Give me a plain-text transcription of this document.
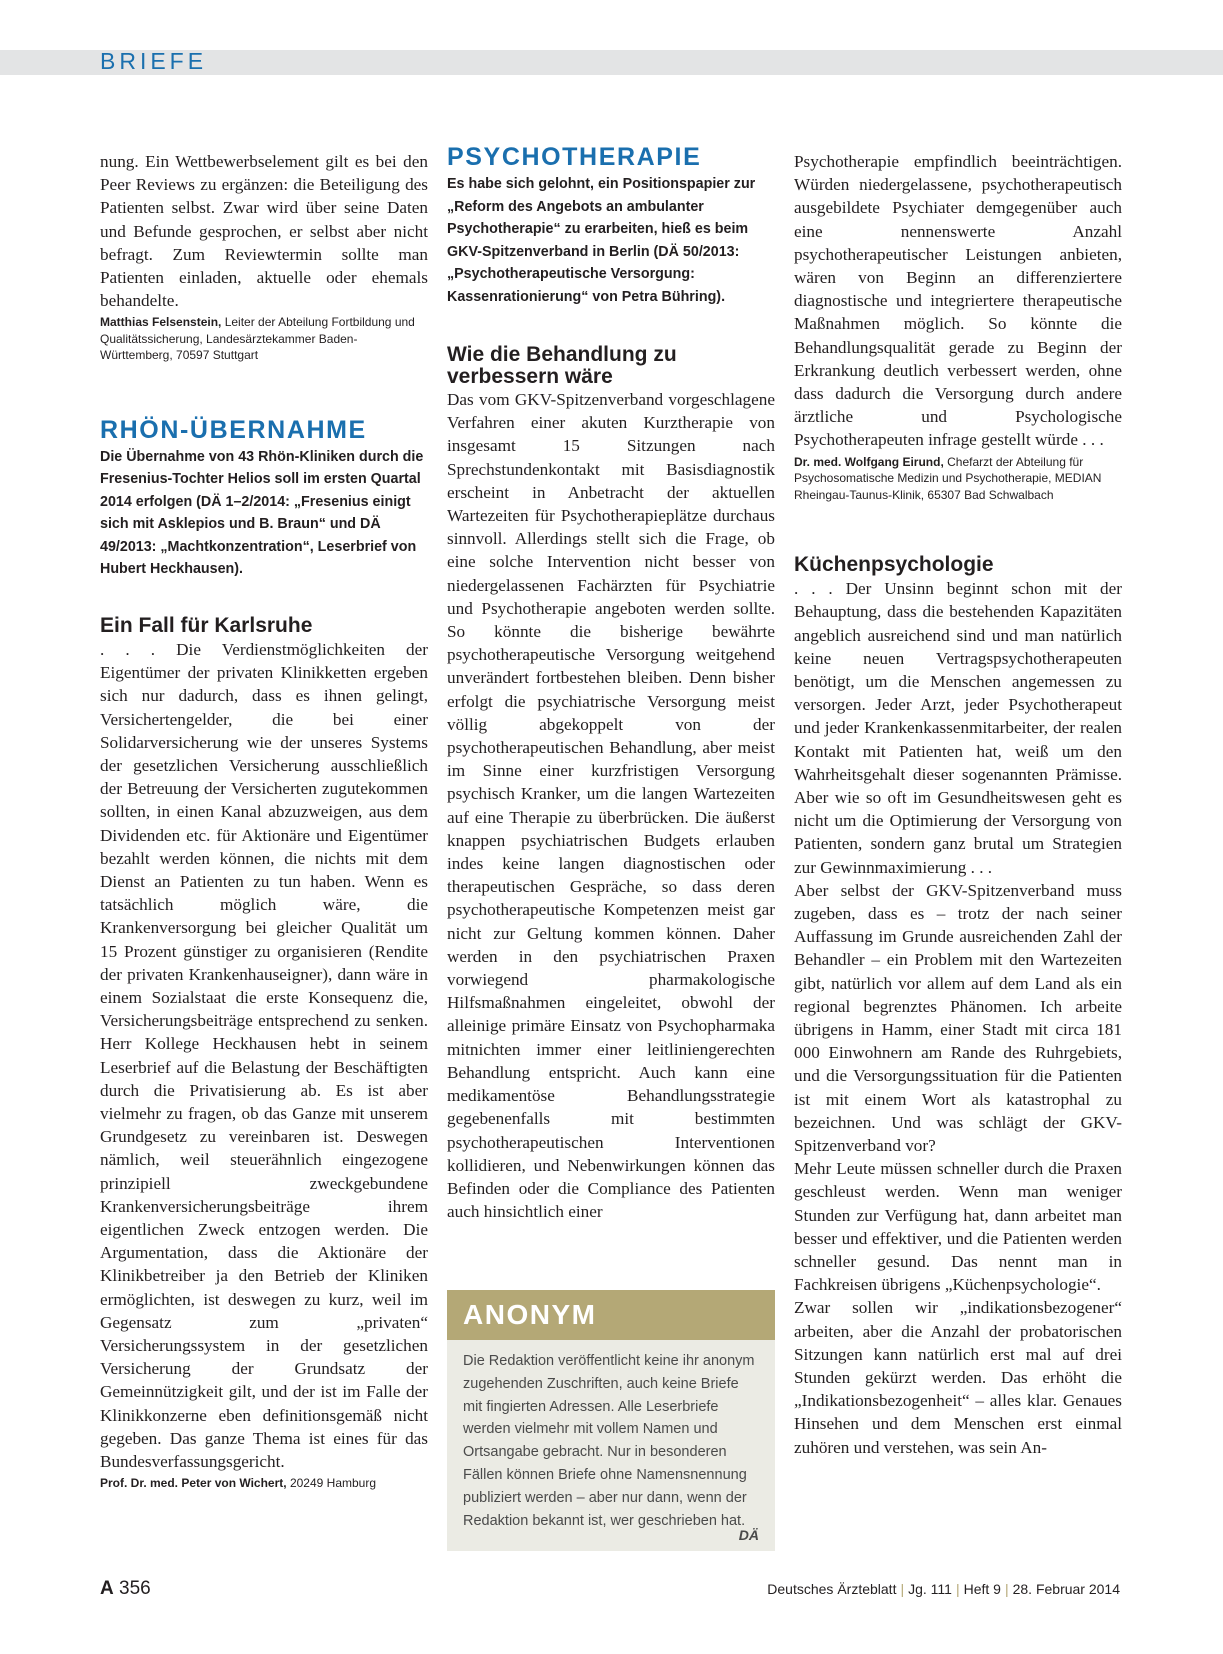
BRIEFE

nung. Ein Wettbewerbselement gilt es bei den Peer Reviews zu ergänzen: die Beteiligung des Patienten selbst. Zwar wird über seine Daten und Befunde gesprochen, er selbst aber nicht befragt. Zum Reviewtermin sollte man Patienten einladen, aktuelle oder ehemals behandelte.

Matthias Felsenstein, Leiter der Abteilung Fortbildung und Qualitätssicherung, Landesärztekammer Baden-Württemberg, 70597 Stuttgart

RHÖN-ÜBERNAHME

Die Übernahme von 43 Rhön-Kliniken durch die Fresenius-Tochter Helios soll im ersten Quartal 2014 erfolgen (DÄ 1–2/2014: „Fresenius einigt sich mit Asklepios und B. Braun“ und DÄ 49/2013: „Machtkonzentration“, Leserbrief von Hubert Heckhausen).

Ein Fall für Karlsruhe

. . . Die Verdienstmöglichkeiten der Eigentümer der privaten Klinikketten ergeben sich nur dadurch, dass es ihnen gelingt, Versichertengelder, die bei einer Solidarversicherung wie der unseres Systems der gesetzlichen Versicherung ausschließlich der Betreuung der Versicherten zugutekommen sollten, in einen Kanal abzuzweigen, aus dem Dividenden etc. für Aktionäre und Eigentümer bezahlt werden können, die nichts mit dem Dienst an Patienten zu tun haben. Wenn es tatsächlich möglich wäre, die Krankenversorgung bei gleicher Qualität um 15 Prozent günstiger zu organisieren (Rendite der privaten Krankenhauseigner), dann wäre in einem Sozialstaat die erste Konsequenz die, Versicherungsbeiträge entsprechend zu senken. Herr Kollege Heckhausen hebt in seinem Leserbrief auf die Belastung der Beschäftigten durch die Privatisierung ab. Es ist aber vielmehr zu fragen, ob das Ganze mit unserem Grundgesetz zu vereinbaren ist. Deswegen nämlich, weil steuerähnlich eingezogene prinzipiell zweckgebundene Krankenversicherungsbeiträge ihrem eigentlichen Zweck entzogen werden. Die Argumentation, dass die Aktionäre der Klinikbetreiber ja den Betrieb der Kliniken ermöglichten, ist deswegen zu kurz, weil im Gegensatz zum „privaten“ Versicherungssystem in der gesetzlichen Versicherung der Grundsatz der Gemeinnützigkeit gilt, und der ist im Falle der Klinikkonzerne eben definitionsgemäß nicht gegeben. Das ganze Thema ist eines für das Bundesverfassungsgericht.

Prof. Dr. med. Peter von Wichert, 20249 Hamburg

PSYCHOTHERAPIE

Es habe sich gelohnt, ein Positionspapier zur „Reform des Angebots an ambulanter Psychotherapie“ zu erarbeiten, hieß es beim GKV-Spitzenverband in Berlin (DÄ 50/2013: „Psychotherapeutische Versorgung: Kassenrationierung“ von Petra Bühring).

Wie die Behandlung zu verbessern wäre

Das vom GKV-Spitzenverband vorgeschlagene Verfahren einer akuten Kurztherapie von insgesamt 15 Sitzungen nach Sprechstundenkontakt mit Basisdiagnostik erscheint in Anbetracht der aktuellen Wartezeiten für Psychotherapieplätze durchaus sinnvoll. Allerdings stellt sich die Frage, ob eine solche Intervention nicht besser von niedergelassenen Fachärzten für Psychiatrie und Psychotherapie angeboten werden sollte. So könnte die bisherige bewährte psychotherapeutische Versorgung weitgehend unverändert fortbestehen bleiben. Denn bisher erfolgt die psychiatrische Versorgung meist völlig abgekoppelt von der psychotherapeutischen Behandlung, aber meist im Sinne einer kurzfristigen Versorgung psychisch Kranker, um die langen Wartezeiten auf eine Therapie zu überbrücken. Die äußerst knappen psychiatrischen Budgets erlauben indes keine langen diagnostischen oder therapeutischen Gespräche, so dass deren psychotherapeutische Kompetenzen meist gar nicht zur Geltung kommen können. Daher werden in den psychiatrischen Praxen vorwiegend pharmakologische Hilfsmaßnahmen eingeleitet, obwohl der alleinige primäre Einsatz von Psychopharmaka mitnichten immer einer leitliniengerechten Behandlung entspricht. Auch kann eine medikamentöse Behandlungsstrategie gegebenenfalls mit bestimmten psychotherapeutischen Interventionen kollidieren, und Nebenwirkungen können das Befinden oder die Compliance des Patienten auch hinsichtlich einer

ANONYM

Die Redaktion veröffentlicht keine ihr anonym zugehenden Zuschriften, auch keine Briefe mit fingierten Adressen. Alle Leserbriefe werden vielmehr mit vollem Namen und Ortsangabe gebracht. Nur in besonderen Fällen können Briefe ohne Namensnennung publiziert werden – aber nur dann, wenn der Redaktion bekannt ist, wer geschrieben hat.

DÄ

Psychotherapie empfindlich beeinträchtigen. Würden niedergelassene, psychotherapeutisch ausgebildete Psychiater demgegenüber auch eine nennenswerte Anzahl psychotherapeutischer Leistungen anbieten, wären von Beginn an differenziertere diagnostische und integriertere therapeutische Maßnahmen möglich. So könnte die Behandlungsqualität gerade zu Beginn der Erkrankung deutlich verbessert werden, ohne dass dadurch die Versorgung durch andere ärztliche und Psychologische Psychotherapeuten infrage gestellt würde . . .

Dr. med. Wolfgang Eirund, Chefarzt der Abteilung für Psychosomatische Medizin und Psychotherapie, MEDIAN Rheingau-Taunus-Klinik, 65307 Bad Schwalbach

Küchenpsychologie

. . . Der Unsinn beginnt schon mit der Behauptung, dass die bestehenden Kapazitäten angeblich ausreichend sind und man natürlich keine neuen Vertragspsychotherapeuten benötigt, um die Menschen angemessen zu versorgen. Jeder Arzt, jeder Psychotherapeut und jeder Krankenkassenmitarbeiter, der realen Kontakt mit Patienten hat, weiß um den Wahrheitsgehalt dieser sogenannten Prämisse. Aber wie so oft im Gesundheitswesen geht es nicht um die Optimierung der Versorgung von Patienten, sondern ganz brutal um Strategien zur Gewinnmaximierung . . .

Aber selbst der GKV-Spitzenverband muss zugeben, dass es – trotz der nach seiner Auffassung im Grunde ausreichenden Zahl der Behandler – ein Problem mit den Wartezeiten gibt, natürlich vor allem auf dem Land als ein regional begrenztes Phänomen. Ich arbeite übrigens in Hamm, einer Stadt mit circa 181 000 Einwohnern am Rande des Ruhrgebiets, und die Versorgungssituation für die Patienten ist mit einem Wort als katastrophal zu bezeichnen. Und was schlägt der GKV-Spitzenverband vor?

Mehr Leute müssen schneller durch die Praxen geschleust werden. Wenn man weniger Stunden zur Verfügung hat, dann arbeitet man besser und effektiver, und die Patienten werden schneller gesund. Das nennt man in Fachkreisen übrigens „Küchenpsychologie“.

Zwar sollen wir „indikationsbezogener“ arbeiten, aber die Anzahl der probatorischen Sitzungen kann natürlich erst mal auf drei Stunden gekürzt werden. Das erhöht die „Indikationsbezogenheit“ – alles klar. Genaues Hinsehen und dem Menschen erst einmal zuhören und verstehen, was sein An-

A 356	Deutsches Ärzteblatt | Jg. 111 | Heft 9 | 28. Februar 2014
